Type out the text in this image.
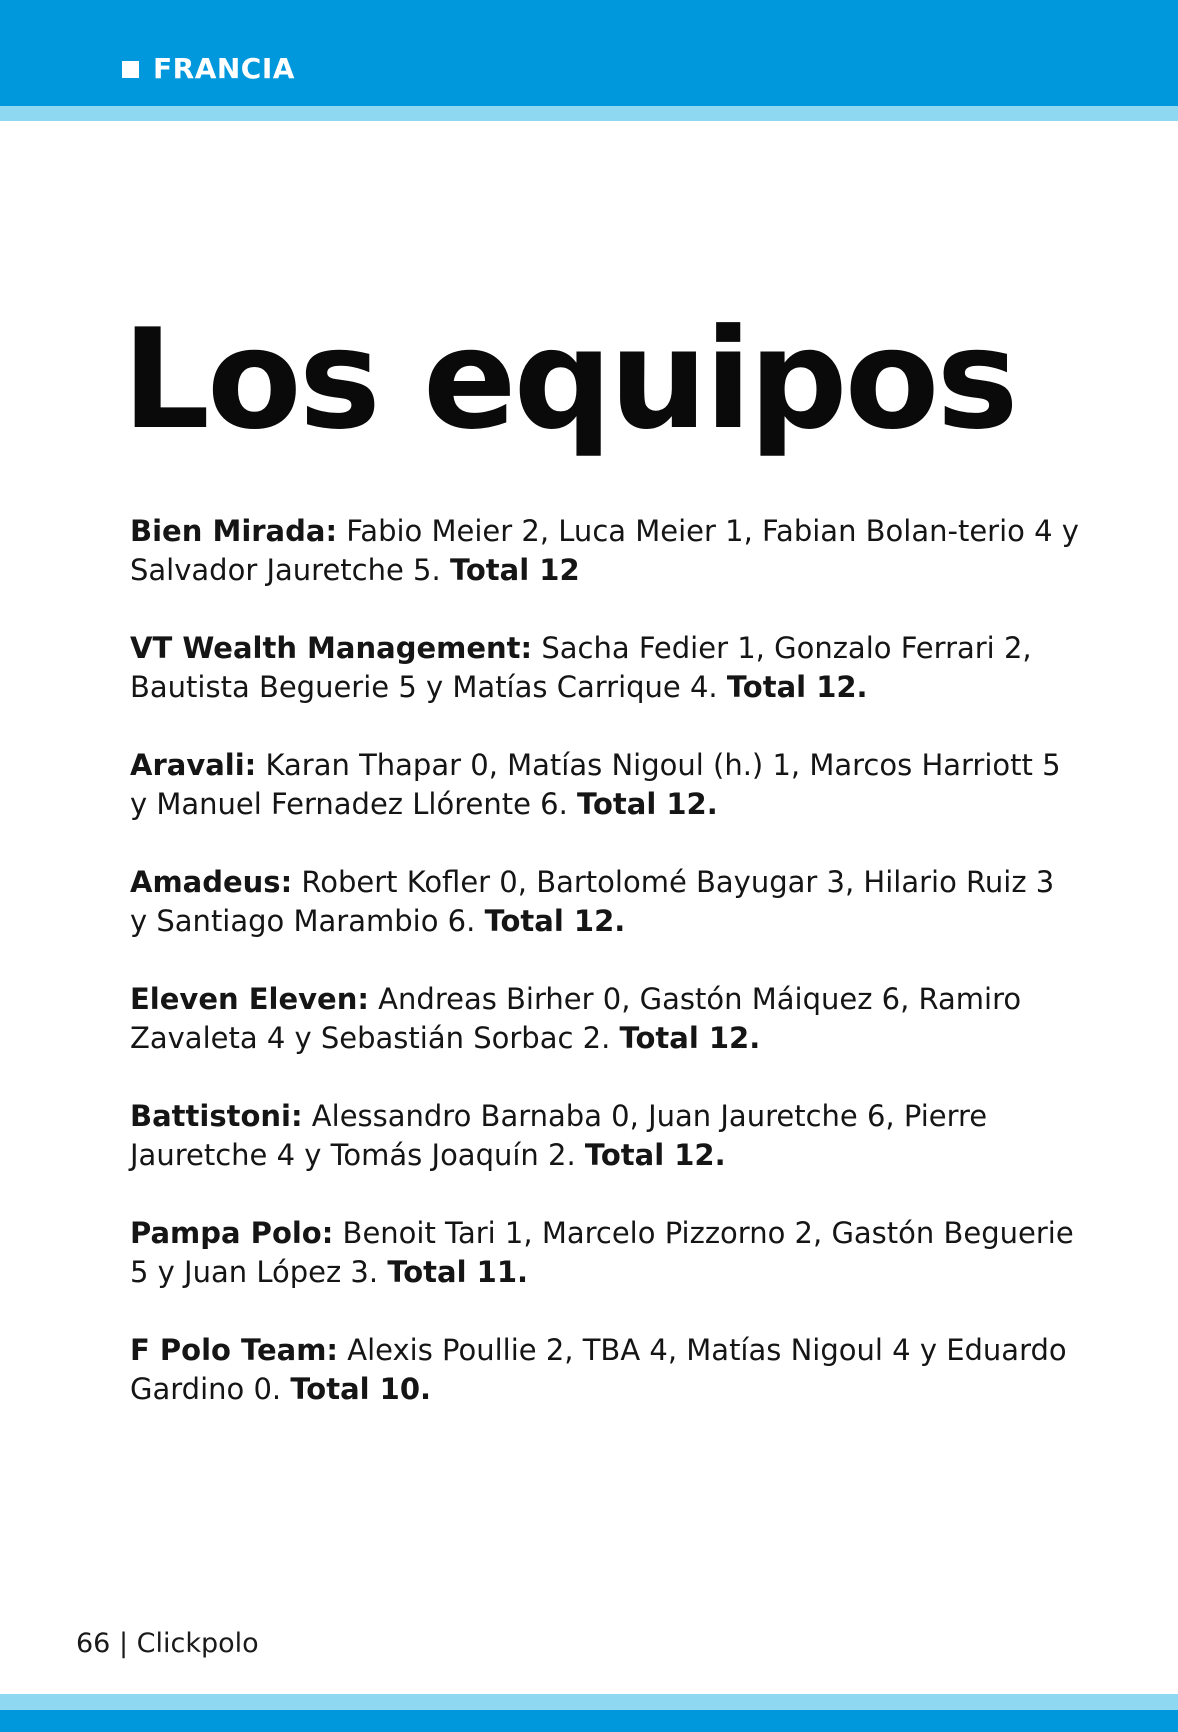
FRANCIA
Los equipos

Bien Mirada: Fabio Meier 2, Luca Meier 1, Fabian Bolan-terio 4 y Salvador Jauretche 5. Total 12

VT Wealth Management: Sacha Fedier 1, Gonzalo Ferrari 2, Bautista Beguerie 5 y Matías Carrique 4. Total 12.

Aravali: Karan Thapar 0, Matías Nigoul (h.) 1, Marcos Harriott 5 y Manuel Fernadez Llórente 6. Total 12.

Amadeus: Robert Kofler 0, Bartolomé Bayugar 3, Hilario Ruiz 3 y Santiago Marambio 6. Total 12.

Eleven Eleven: Andreas Birher 0, Gastón Máiquez 6, Ramiro Zavaleta 4 y Sebastián Sorbac 2. Total 12.

Battistoni: Alessandro Barnaba 0, Juan Jauretche 6, Pierre Jauretche 4 y Tomás Joaquín 2. Total 12.

Pampa Polo: Benoit Tari 1, Marcelo Pizzorno 2, Gastón Beguerie 5 y Juan López 3. Total 11.

F Polo Team: Alexis Poullie 2, TBA 4, Matías Nigoul 4 y Eduardo Gardino 0. Total 10.

66 | Clickpolo
